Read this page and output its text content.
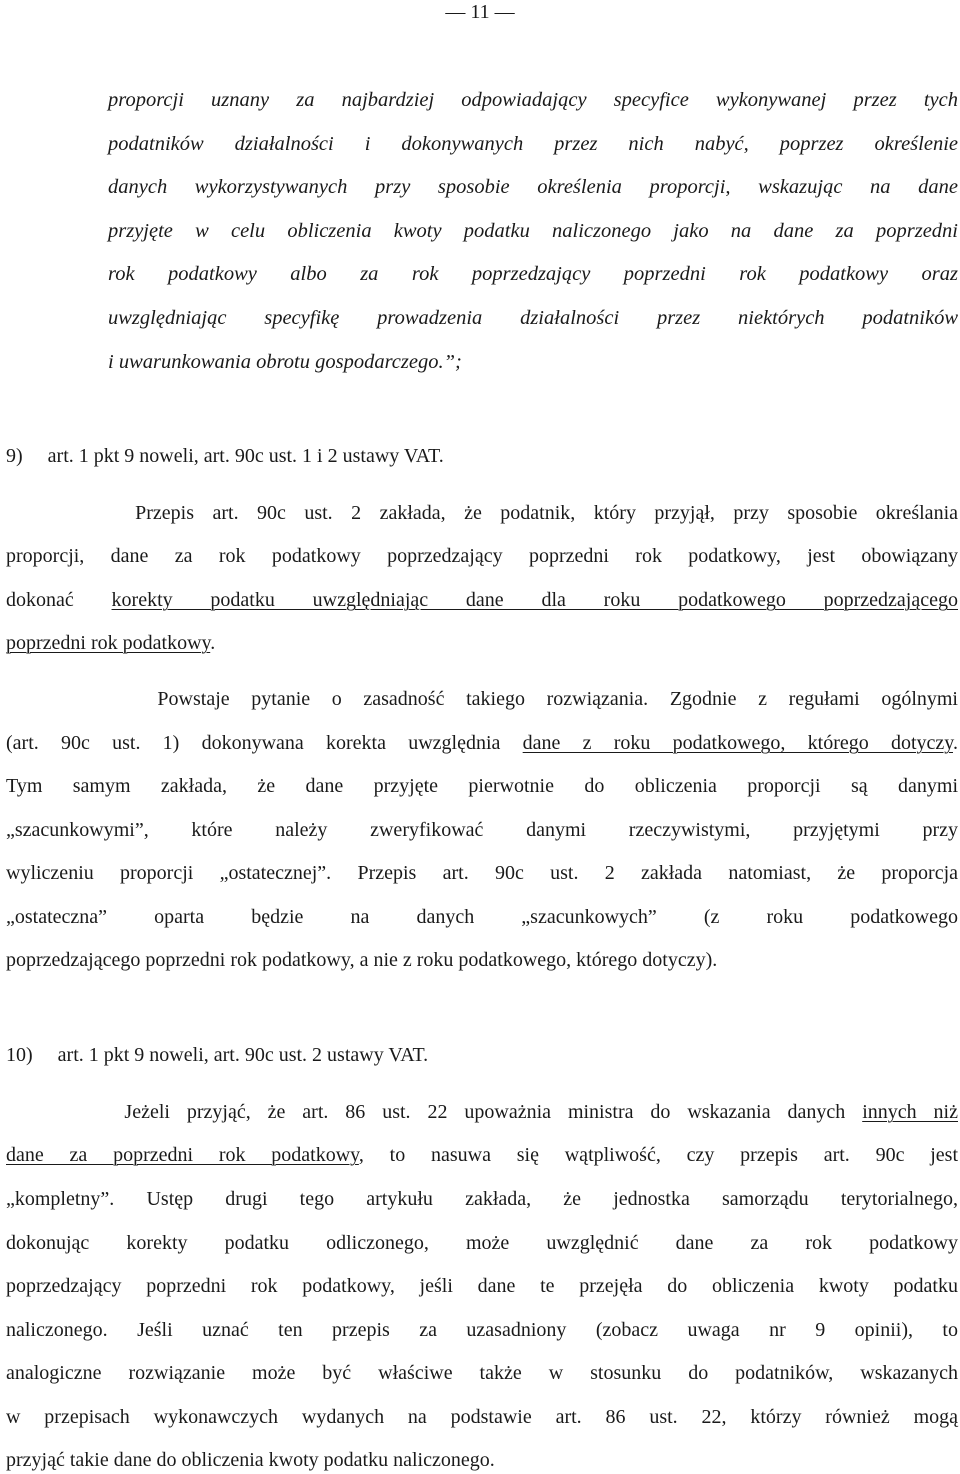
— 11 —
proporcji uznany za najbardziej odpowiadający specyfice wykonywanej przez tych
podatników działalności i dokonywanych przez nich nabyć, poprzez określenie
danych wykorzystywanych przy sposobie określenia proporcji, wskazując na dane
przyjęte w celu obliczenia kwoty podatku naliczonego jako na dane za poprzedni
rok podatkowy albo za rok poprzedzający poprzedni rok podatkowy oraz
uwzględniając specyfikę prowadzenia działalności przez niektórych podatników
i uwarunkowania obrotu gospodarczego.”;
9)     art. 1 pkt 9 noweli, art. 90c ust. 1 i 2 ustawy VAT.
Przepis art. 90c ust. 2 zakłada, że podatnik, który przyjął, przy sposobie określania
proporcji, dane za rok podatkowy poprzedzający poprzedni rok podatkowy, jest obowiązany
dokonać korekty podatku uwzględniając dane dla roku podatkowego poprzedzającego
poprzedni rok podatkowy.
Powstaje pytanie o zasadność takiego rozwiązania. Zgodnie z regułami ogólnymi
(art. 90c ust. 1) dokonywana korekta uwzględnia dane z roku podatkowego, którego dotyczy.
Tym samym zakłada, że dane przyjęte pierwotnie do obliczenia proporcji są danymi
„szacunkowymi”, które należy zweryfikować danymi rzeczywistymi, przyjętymi przy
wyliczeniu proporcji „ostatecznej”. Przepis art. 90c ust. 2 zakłada natomiast, że proporcja
„ostateczna” oparta będzie na danych „szacunkowych” (z roku podatkowego
poprzedzającego poprzedni rok podatkowy, a nie z roku podatkowego, którego dotyczy).
10)     art. 1 pkt 9 noweli, art. 90c ust. 2 ustawy VAT.
Jeżeli przyjąć, że art. 86 ust. 22 upoważnia ministra do wskazania danych innych niż
dane za poprzedni rok podatkowy, to nasuwa się wątpliwość, czy przepis art. 90c jest
„kompletny”. Ustęp drugi tego artykułu zakłada, że jednostka samorządu terytorialnego,
dokonując korekty podatku odliczonego, może uwzględnić dane za rok podatkowy
poprzedzający poprzedni rok podatkowy, jeśli dane te przejęła do obliczenia kwoty podatku
naliczonego. Jeśli uznać ten przepis za uzasadniony (zobacz uwaga nr 9 opinii), to
analogiczne rozwiązanie może być właściwe także w stosunku do podatników, wskazanych
w przepisach wykonawczych wydanych na podstawie art. 86 ust. 22, którzy również mogą
przyjąć takie dane do obliczenia kwoty podatku naliczonego.
